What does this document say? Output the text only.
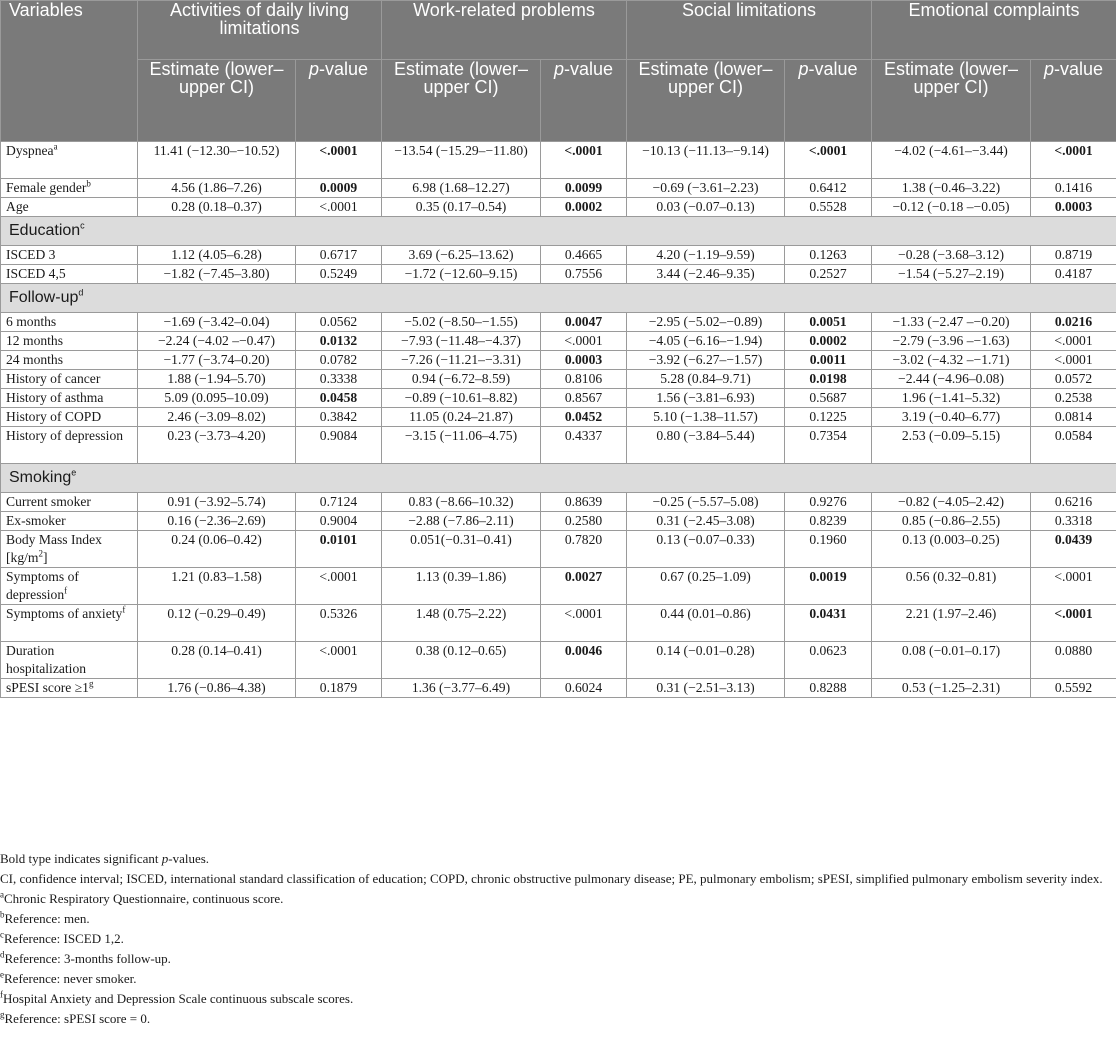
Variables	Activities of daily living limitations		Work-related problems		Social limitations		Emotional complaints	
	Estimate (lower–upper CI)	p-value	Estimate (lower–upper CI)	p-value	Estimate (lower–upper CI)	p-value	Estimate (lower–upper CI)	p-value
Dyspnea$^a$	11.41 (−12.30–−10.52)	<.0001	−13.54 (−15.29–−11.80)	<.0001	−10.13 (−11.13–−9.14)	<.0001	−4.02 (−4.61–−3.44)	<.0001
Female gender$^b$	4.56 (1.86–7.26)	0.0009	6.98 (1.68–12.27)	0.0099	−0.69 (−3.61–2.23)	0.6412	1.38 (−0.46–3.22)	0.1416
Age	0.28 (0.18–0.37)	<.0001	0.35 (0.17–0.54)	0.0002	0.03 (−0.07–0.13)	0.5528	−0.12 (−0.18 –−0.05)	0.0003
Education$^c$
ISCED 3	1.12 (4.05–6.28)	0.6717	3.69 (−6.25–13.62)	0.4665	4.20 (−1.19–9.59)	0.1263	−0.28 (−3.68–3.12)	0.8719
ISCED 4,5	−1.82 (−7.45–3.80)	0.5249	−1.72 (−12.60–9.15)	0.7556	3.44 (−2.46–9.35)	0.2527	−1.54 (−5.27–2.19)	0.4187
Follow-$up^d$
6 months	−1.69 (−3.42–0.04)	0.0562	−5.02 (−8.50–−1.55)	0.0047	−2.95 (−5.02–−0.89)	0.0051	−1.33 (−2.47 –−0.20)	0.0216
12 months	−2.24 (−4.02 –−0.47)	0.0132	−7.93 (−11.48–−4.37)	<.0001	−4.05 (−6.16–−1.94)	0.0002	−2.79 (−3.96 –−1.63)	<.0001
24 months	−1.77 (−3.74–0.20)	0.0782	−7.26 (−11.21–−3.31)	0.0003	−3.92 (−6.27–−1.57)	0.0011	−3.02 (−4.32 –−1.71)	<.0001
History of cancer	1.88 (−1.94–5.70)	0.3338	0.94 (−6.72–8.59)	0.8106	5.28 (0.84–9.71)	0.0198	−2.44 (−4.96–0.08)	0.0572
History of asthma	5.09 (0.095–10.09)	0.0458	−0.89 (−10.61–8.82)	0.8567	1.56 (−3.81–6.93)	0.5687	1.96 (−1.41–5.32)	0.2538
History of COPD	2.46 (−3.09–8.02)	0.3842	11.05 (0.24–21.87)	0.0452	5.10 (−1.38–11.57)	0.1225	3.19 (−0.40–6.77)	0.0814
History of depression	0.23 (−3.73–4.20)	0.9084	−3.15 (−11.06–4.75)	0.4337	0.80 (−3.84–5.44)	0.7354	2.53 (−0.09–5.15)	0.0584
Smoking$^e$
Current smoker	0.91 (−3.92–5.74)	0.7124	0.83 (−8.66–10.32)	0.8639	−0.25 (−5.57–5.08)	0.9276	−0.82 (−4.05–2.42)	0.6216
Ex-smoker	0.16 (−2.36–2.69)	0.9004	−2.88 (−7.86–2.11)	0.2580	0.31 (−2.45–3.08)	0.8239	0.85 (−0.86–2.55)	0.3318
Body Mass Index $[kg/m^2]$	0.24 (0.06–0.42)	0.0101	0.051(−0.31–0.41)	0.7820	0.13 (−0.07–0.33)	0.1960	0.13 (0.003–0.25)	0.0439
Symptoms of depression$^f$	1.21 (0.83–1.58)	<.0001	1.13 (0.39–1.86)	0.0027	0.67 (0.25–1.09)	0.0019	0.56 (0.32–0.81)	<.0001
Symptoms of anxiety$^f$	0.12 (−0.29–0.49)	0.5326	1.48 (0.75–2.22)	<.0001	0.44 (0.01–0.86)	0.0431	2.21 (1.97–2.46)	<.0001
Duration hospitalization	0.28 (0.14–0.41)	<.0001	0.38 (0.12–0.65)	0.0046	0.14 (−0.01–0.28)	0.0623	0.08 (−0.01–0.17)	0.0880
sPESI score $\ge 1^g$	1.76 (−0.86–4.38)	0.1879	1.36 (−3.77–6.49)	0.6024	0.31 (−2.51–3.13)	0.8288	0.53 (−1.25–2.31)	0.5592
Bold type indicates significant p-values.
CI, confidence interval; ISCED, international standard classification of education; COPD, chronic obstructive pulmonary disease; PE, pulmonary embolism; sPESI, simplified pulmonary embolism severity index.
$^a$Chronic Respiratory Questionnaire, continuous score.
$^b$Reference: men.
$^c$Reference: ISCED 1,2.
$^d$Reference: 3-months follow-up.
$^e$Reference: never smoker.
$^f$Hospital Anxiety and Depression Scale continuous subscale scores.
$^g$Reference: sPESI score = 0.
